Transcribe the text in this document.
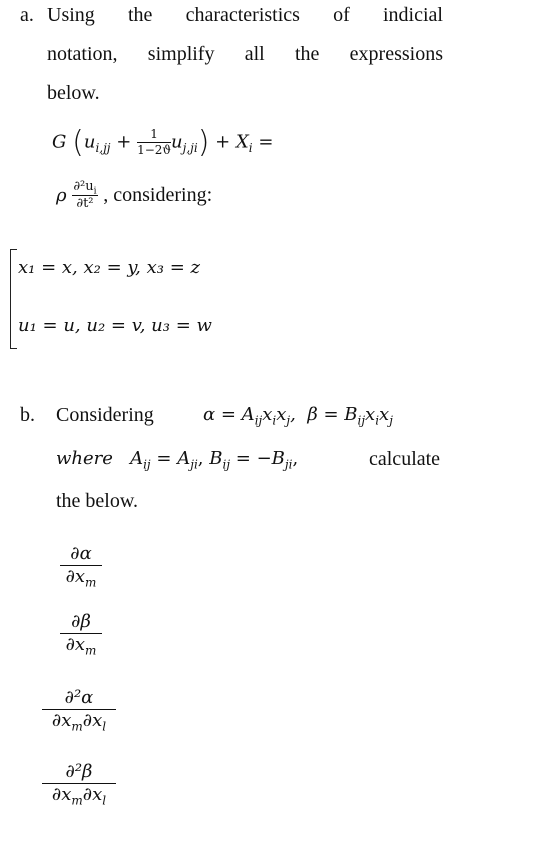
a. Using the characteristics of indicial
notation, simplify all the expressions
below.
G $(u_{i,jj} + \frac{1}{1-2ϑ} u_{j,ji}) + X_i$ =
ρ $\frac{\partial^2u_i}{\text{∂t²}}$ , considering:
x₁ = x, x₂ = y, x₃ = z
u₁ = u, u₂ = v, u₃ = w
b. Considering	$\alpha = A_{ij}x_ix_j$,  $\beta = B_{ij}x_ix_j$
where $A_{ij} = A_{ji}$, $B_{ij} = -B_{ji}$,	calculate
the below.
$\frac{\partial\alpha}{\partial x_m}$
$\frac{\partial\beta}{\partial x_m}$
$\frac{\text{∂²α}}{\partial x_m\partial x_l}$
$\frac{\text{∂²β}}{\partial x_m\partial x_l}$
